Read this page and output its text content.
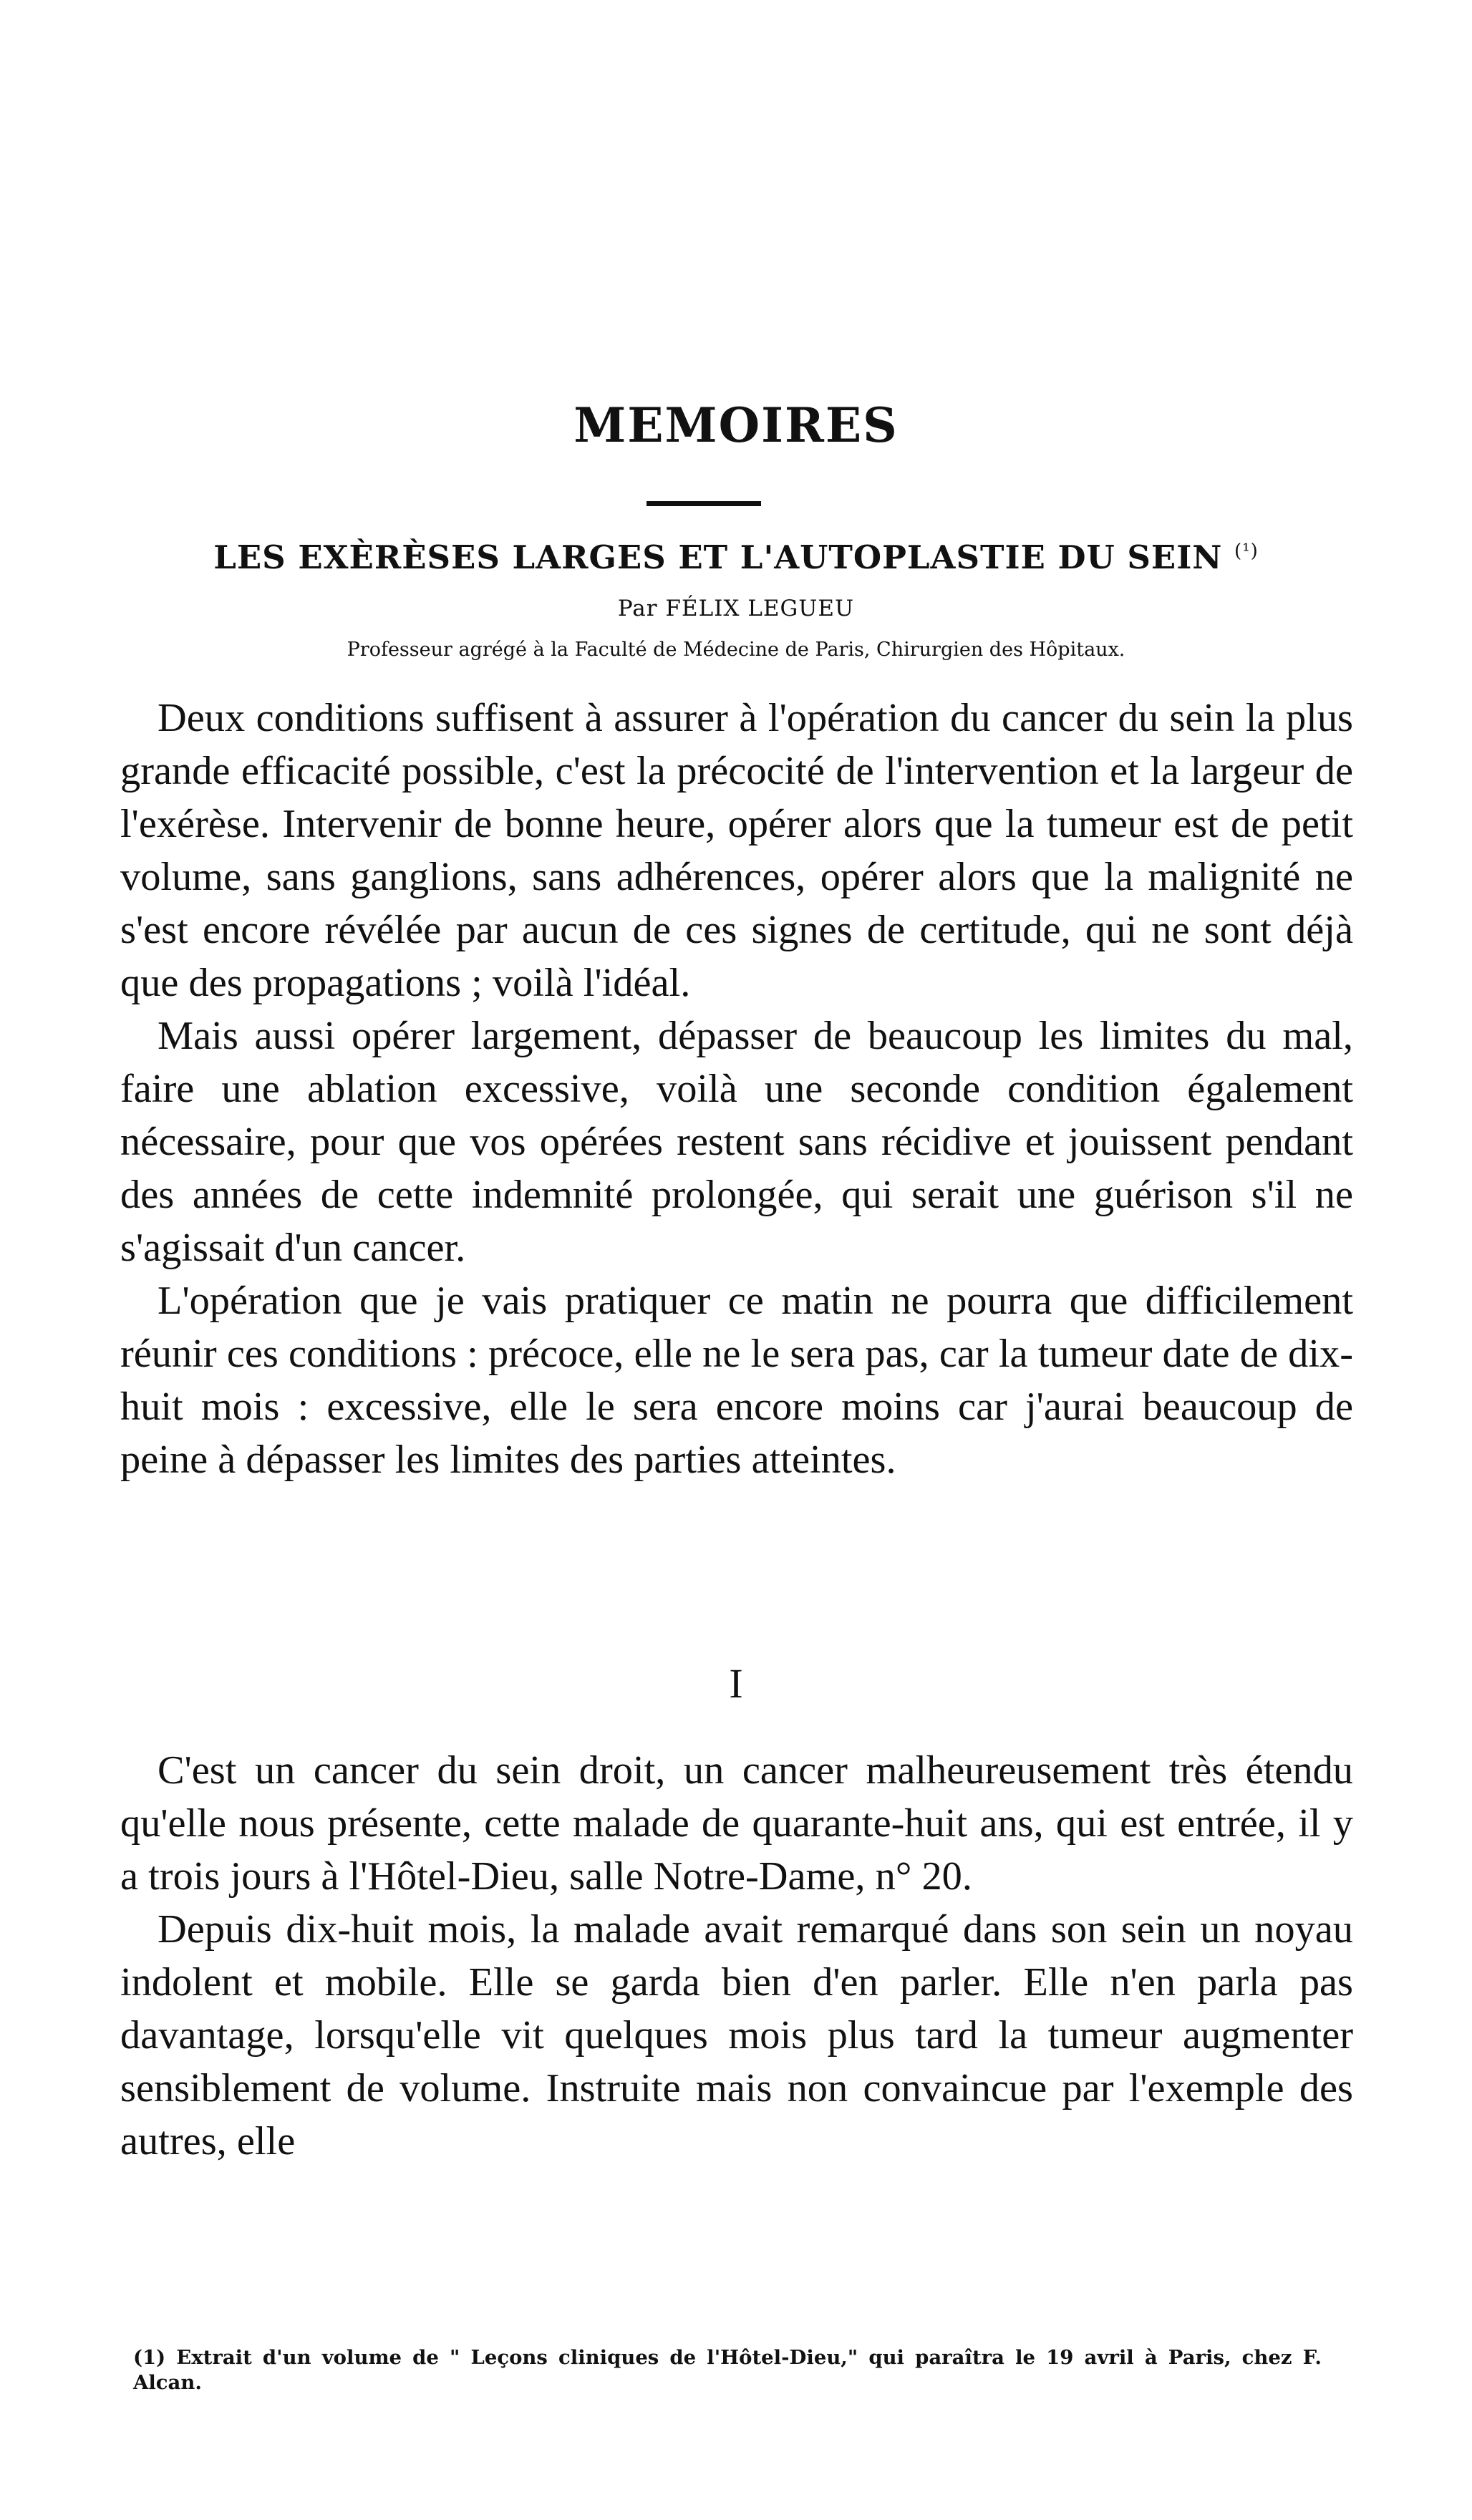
MEMOIRES
LES EXÈRÈSES LARGES ET L'AUTOPLASTIE DU SEIN $^{(^1)}$
Par FÉLIX LEGUEU
Professeur agrégé à la Faculté de Médecine de Paris, Chirurgien des Hôpitaux.

Deux conditions suffisent à assurer à l'opération du cancer du sein la plus grande efficacité possible, c'est la précocité de l'intervention et la largeur de l'exérèse. Intervenir de bonne heure, opérer alors que la tumeur est de petit volume, sans ganglions, sans adhérences, opérer alors que la malignité ne s'est encore révélée par aucun de ces signes de certitude, qui ne sont déjà que des propagations ; voilà l'idéal.

Mais aussi opérer largement, dépasser de beaucoup les limites du mal, faire une ablation excessive, voilà une seconde condition également nécessaire, pour que vos opérées restent sans récidive et jouissent pendant des années de cette indemnité prolongée, qui serait une guérison s'il ne s'agissait d'un cancer.

L'opération que je vais pratiquer ce matin ne pourra que difficilement réunir ces conditions : précoce, elle ne le sera pas, car la tumeur date de dix-huit mois : excessive, elle le sera encore moins car j'aurai beaucoup de peine à dépasser les limites des parties atteintes.

I

C'est un cancer du sein droit, un cancer malheureusement très étendu qu'elle nous présente, cette malade de quarante-huit ans, qui est entrée, il y a trois jours à l'Hôtel-Dieu, salle Notre-Dame, n° 20.

Depuis dix-huit mois, la malade avait remarqué dans son sein un noyau indolent et mobile. Elle se garda bien d'en parler. Elle n'en parla pas davantage, lorsqu'elle vit quelques mois plus tard la tumeur augmenter sensiblement de volume. Instruite mais non convaincue par l'exemple des autres, elle

(1) Extrait d'un volume de " Leçons cliniques de l'Hôtel-Dieu," qui paraîtra le 19 avril à Paris, chez F. Alcan.
